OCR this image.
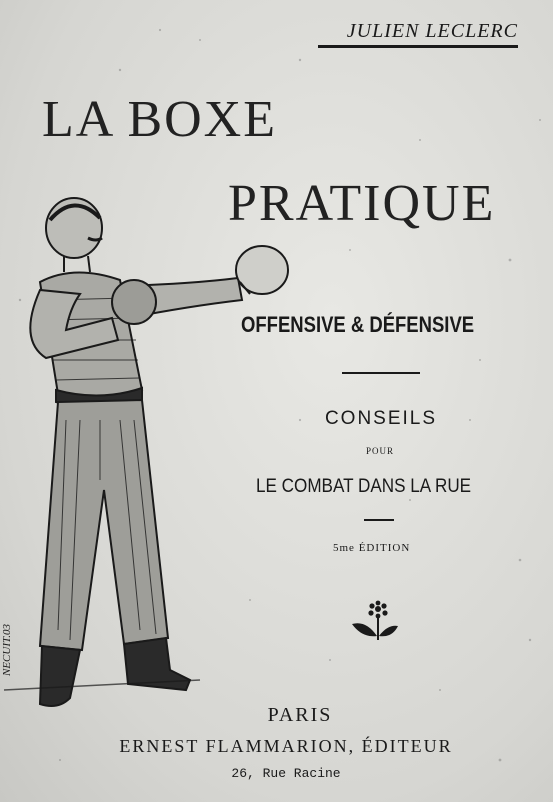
JULIEN LECLERC
LA BOXE
PRATIQUE
NECUIT.03
OFFENSIVE & DÉFENSIVE
CONSEILS
POUR
LE COMBAT DANS LA RUE
5me ÉDITION
PARIS
ERNEST FLAMMARION, ÉDITEUR
26, Rue Racine
